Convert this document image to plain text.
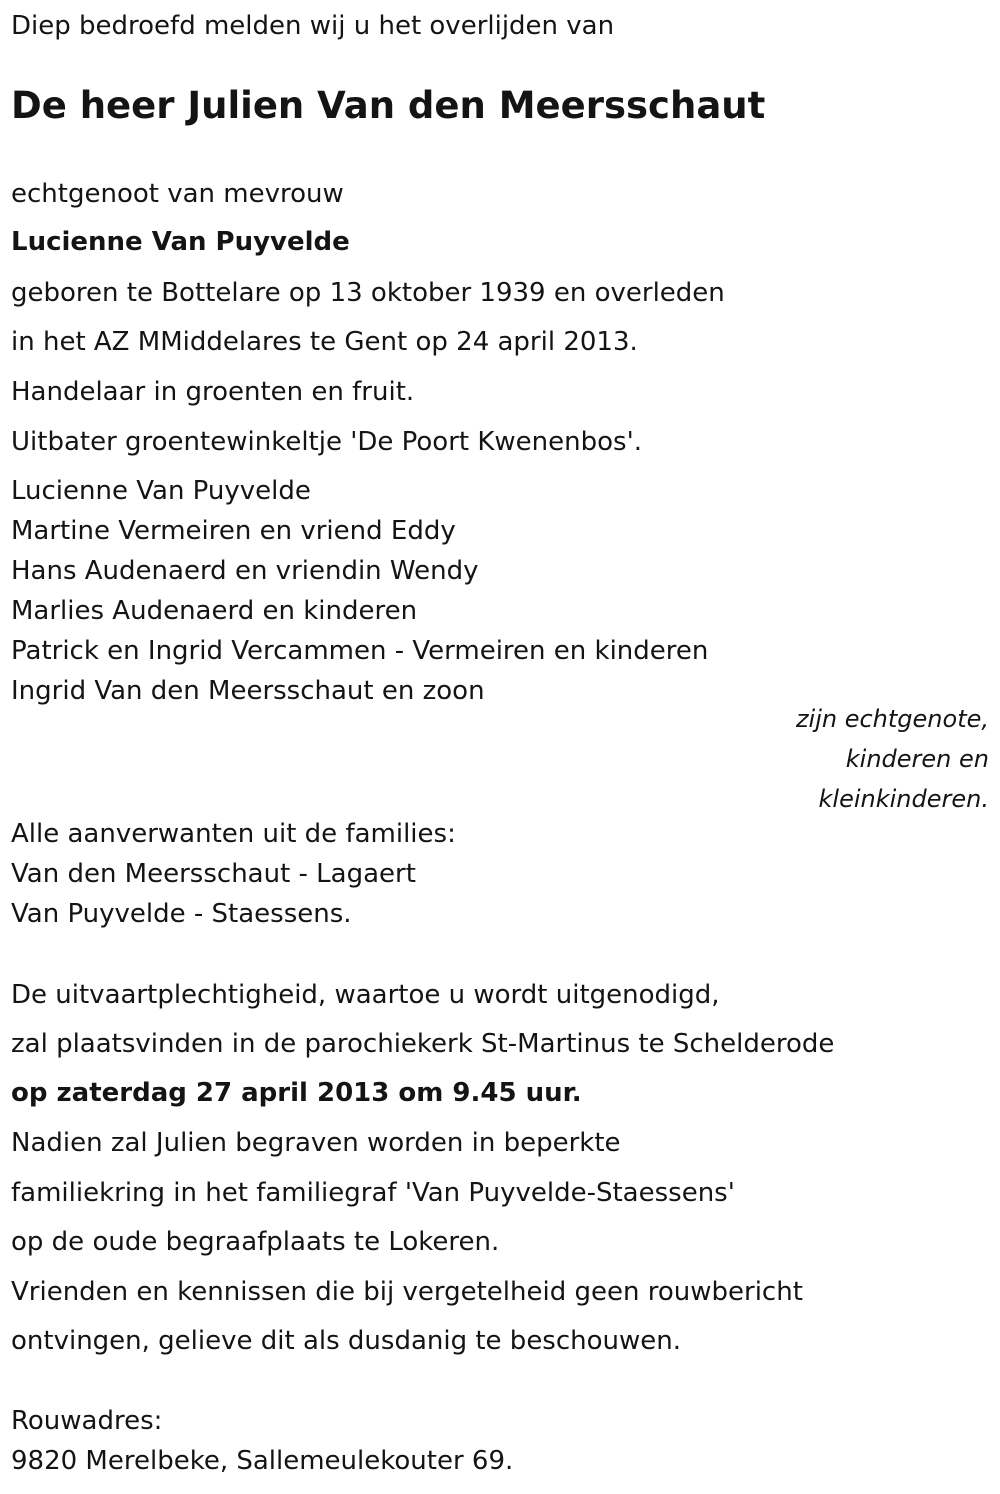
Diep bedroefd melden wij u het overlijden van

De heer Julien Van den Meersschaut

echtgenoot van mevrouw

Lucienne Van Puyvelde

geboren te Bottelare op 13 oktober 1939 en overleden

in het AZ MMiddelares te Gent op 24 april 2013.

Handelaar in groenten en fruit.

Uitbater groentewinkeltje 'De Poort Kwenenbos'.

Lucienne Van Puyvelde

Martine Vermeiren en vriend Eddy

Hans Audenaerd en vriendin Wendy

Marlies Audenaerd en kinderen

Patrick en Ingrid Vercammen - Vermeiren en kinderen

Ingrid Van den Meersschaut en zoon

zijn echtgenote,
kinderen en
kleinkinderen.

Alle aanverwanten uit de families:

Van den Meersschaut - Lagaert

Van Puyvelde - Staessens.

De uitvaartplechtigheid, waartoe u wordt uitgenodigd,

zal plaatsvinden in de parochiekerk St-Martinus te Schelderode

op zaterdag 27 april 2013 om 9.45 uur.

Nadien zal Julien begraven worden in beperkte

familiekring in het familiegraf 'Van Puyvelde-Staessens'

op de oude begraafplaats te Lokeren.

Vrienden en kennissen die bij vergetelheid geen rouwbericht

ontvingen, gelieve dit als dusdanig te beschouwen.

Rouwadres:

9820 Merelbeke, Sallemeulekouter 69.
